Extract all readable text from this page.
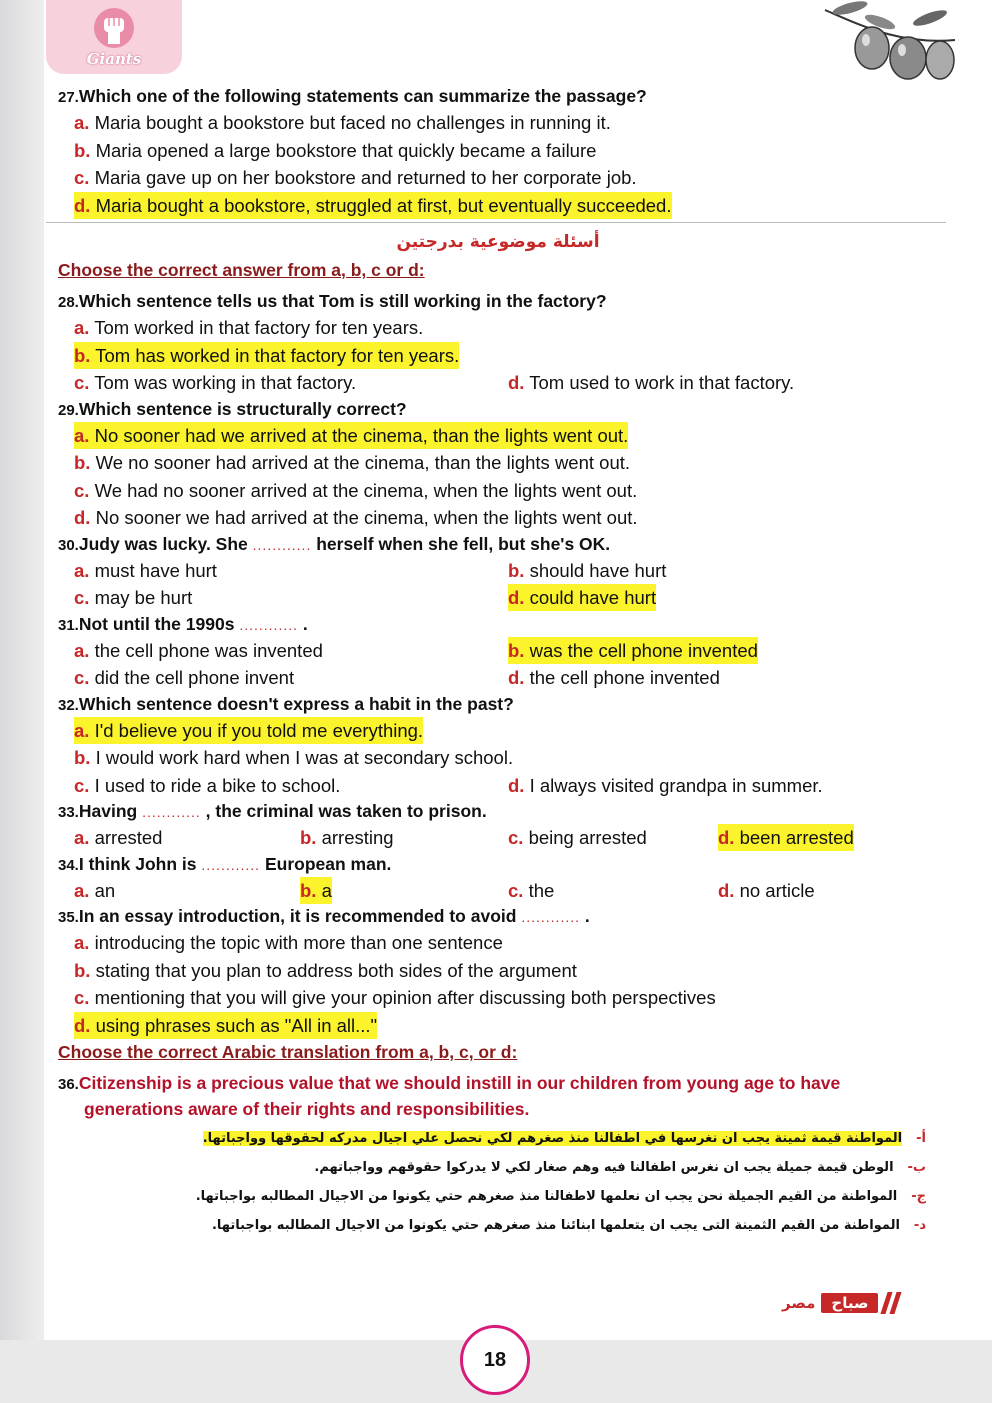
Giants
27.Which one of the following statements can summarize the passage?
a. Maria bought a bookstore but faced no challenges in running it.
b. Maria opened a large bookstore that quickly became a failure
c. Maria gave up on her bookstore and returned to her corporate job.
d. Maria bought a bookstore, struggled at first, but eventually succeeded.
أسئلة موضوعية بدرجتين
Choose the correct answer from a, b, c or d:
28.Which sentence tells us that Tom is still working in the factory?
a. Tom worked in that factory for ten years.
b. Tom has worked in that factory for ten years.
c. Tom was working in that factory.	d. Tom used to work in that factory.
29.Which sentence is structurally correct?
a. No sooner had we arrived at the cinema, than the lights went out.
b. We no sooner had arrived at the cinema, than the lights went out.
c. We had no sooner arrived at the cinema, when the lights went out.
d. No sooner we had arrived at the cinema, when the lights went out.
30.Judy was lucky. She ............ herself when she fell, but she's OK.
a. must have hurt	b. should have hurt
c. may be hurt	d. could have hurt
31.Not until the 1990s ............ .
a. the cell phone was invented	b. was the cell phone invented
c. did the cell phone invent	d. the cell phone invented
32.Which sentence doesn't express a habit in the past?
a. I'd believe you if you told me everything.
b. I would work hard when I was at secondary school.
c. I used to ride a bike to school.	d. I always visited grandpa in summer.
33.Having ............ , the criminal was taken to prison.
a. arrested	b. arresting	c. being arrested	d. been arrested
34.I think John is ............ European man.
a. an	b. a	c. the	d. no article
35.In an essay introduction, it is recommended to avoid ............ .
a. introducing the topic with more than one sentence
b. stating that you plan to address both sides of the argument
c. mentioning that you will give your opinion after discussing both perspectives
d. using phrases such as "All in all..."
Choose the correct Arabic translation from a, b, c, or d:
36.Citizenship is a precious value that we should instill in our children from young age to have generations aware of their rights and responsibilities.
أ-المواطنة قيمة ثمينة يجب ان نغرسها في اطفالنا منذ صغرهم لكي نحصل علي اجيال مدركه لحقوقها وواجباتها.
ب-الوطن قيمة جميلة يجب ان نغرس اطفالنا فيه وهم صغار لكي لا يدركوا حقوقهم وواجباتهم.
ج-المواطنة من القيم الجميلة نحن يجب ان نعلمها لاطفالنا منذ صغرهم حتي يكونوا من الاجيال المطالبه بواجباتها.
د-المواطنة من القيم الثمينة التى يجب ان يتعلمها ابنائنا منذ صغرهم حتي يكونوا من الاجيال المطالبه بواجباتها.
مصر	صباح
18
